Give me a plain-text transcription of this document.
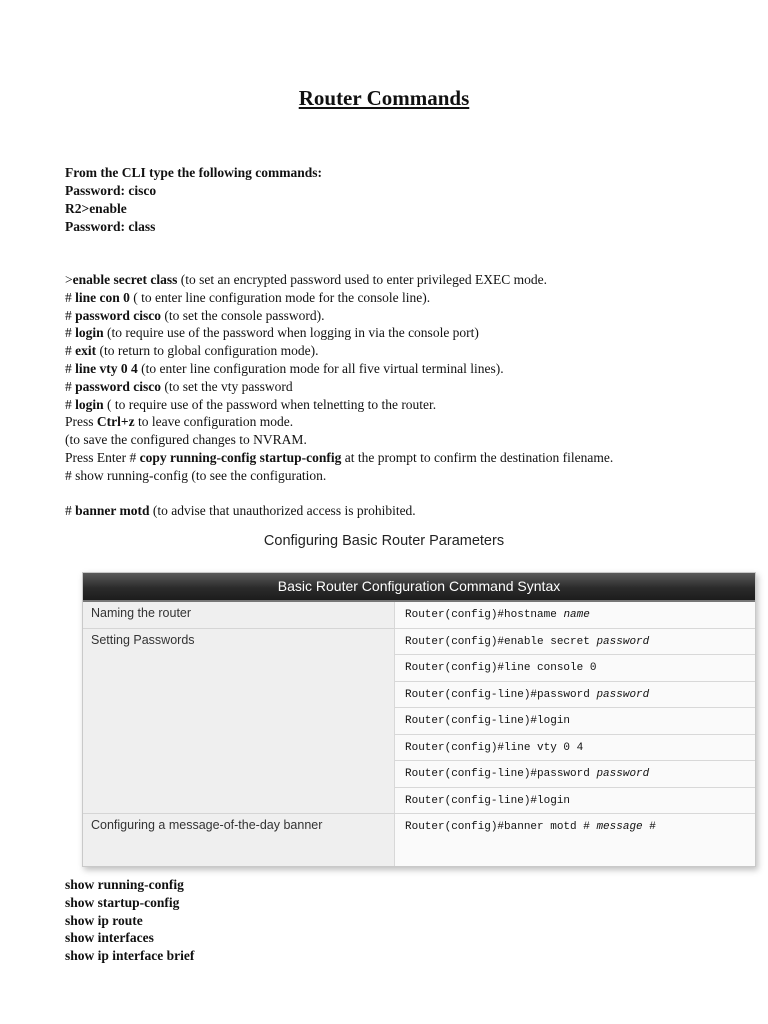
Router Commands
From the CLI type the following commands:
Password: cisco
R2>enable
Password: class
>enable secret class (to set an encrypted password used to enter privileged EXEC mode.
# line con 0 ( to enter line configuration mode for the console line).
# password cisco (to set the console password).
# login (to require use of the password when logging in via the console port)
# exit (to return to global configuration mode).
# line vty 0 4 (to enter line configuration mode for all five virtual terminal lines).
# password cisco (to set the vty password
# login ( to require use of the password when telnetting to the router.
Press Ctrl+z to leave configuration mode.
(to save the configured changes to NVRAM.
Press Enter # copy running-config startup-config at the prompt to confirm the destination filename.
# show running-config (to see the configuration.
# banner motd (to advise that unauthorized access is prohibited.
Configuring Basic Router Parameters
Basic Router Configuration Command Syntax
Naming the router	Router(config)#hostname name
Setting Passwords	Router(config)#enable secret password
Router(config)#line console 0
Router(config-line)#password password
Router(config-line)#login
Router(config)#line vty 0 4
Router(config-line)#password password
Router(config-line)#login
Configuring a message-of-the-day banner	Router(config)#banner motd # message #
show running-config
show startup-config
show ip route
show interfaces
show ip interface brief
